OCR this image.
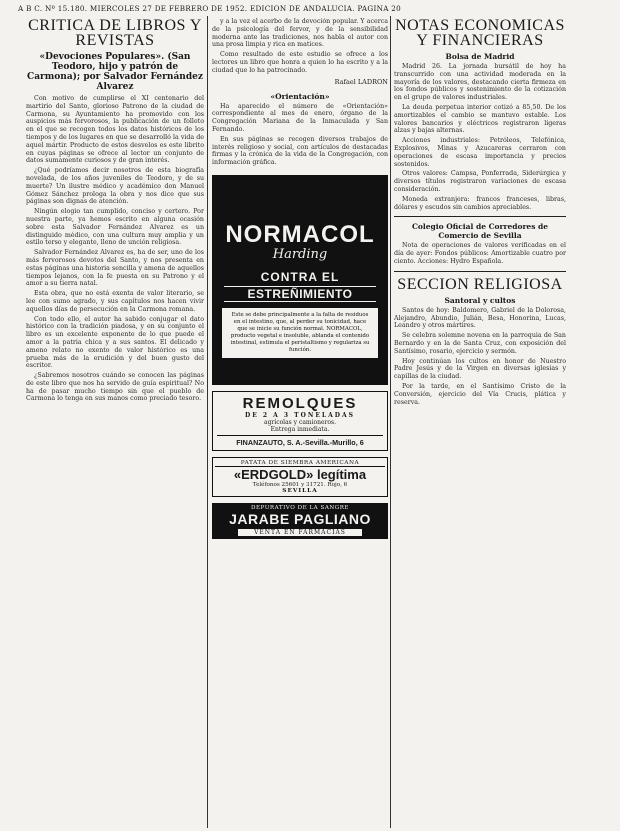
A B C. Nº 15.180. MIERCOLES 27 DE FEBRERO DE 1952. EDICION DE ANDALUCIA. PAGINA 20
CRITICA DE LIBROS Y REVISTAS
«Devociones Populares». (San Teodoro, hijo y patrón de Carmona); por Salvador Fernández Alvarez

Con motivo de cumplirse el XI centenario del martirio del Santo, glorioso Patrono de la ciudad de Carmona, su Ayuntamiento ha promovido con los auspicios más fervorosos, la publicación de un folleto en el que se recogen todos los datos históricos de los tiempos y de los lugares en que se desarrolló la vida de aquel mártir. Producto de estos desvelos es este librito en cuyas páginas se ofrece al lector un conjunto de datos sumamente curiosos y de gran interés.

¿Qué podríamos decir nosotros de esta biografía novelada, de los años juveniles de Teodoro, y de su muerte? Un ilustre médico y académico don Manuel Gómez Sánchez prologa la obra y nos dice que sus páginas son dignas de atención.

Ningún elogio tan cumplido, conciso y certero. Por nuestra parte, ya hemos escrito en alguna ocasión sobre esta Salvador Fernández Alvarez es un distinguido médico, con una cultura muy amplia y un estilo terso y elegante, lleno de unción religiosa.

Salvador Fernández Alvarez es, ha de ser, uno de los más fervorosos devotos del Santo, y nos presenta en estas páginas una historia sencilla y amena de aquellos tiempos lejanos, con la fe puesta en su Patrono y el amor a su tierra natal.

Esta obra, que no está exenta de valor literario, se lee con sumo agrado, y sus capítulos nos hacen vivir aquellos días de persecución en la Carmona romana.

Con todo ello, el autor ha sabido conjugar el dato histórico con la tradición piadosa, y en su conjunto el libro es un excelente exponente de lo que puede el amor a la patria chica y a sus santos. El delicado y ameno relato no exento de valor histórico es una prueba más de la erudición y del buen gusto del escritor.

¿Sabremos nosotros cuándo se conocen las páginas de este libro que nos ha servido de guía espiritual? No ha de pasar mucho tiempo sin que el pueblo de Carmona lo tenga en sus manos como preciado tesoro.

y a la vez el acerbo de la devoción popular. Y acerca de la psicología del fervor, y de la sensibilidad moderna ante las tradiciones, nos habla el autor con una prosa limpia y rica en matices.

Como resultado de este estudio se ofrece a los lectores un libro que honra a quien lo ha escrito y a la ciudad que lo ha patrocinado.

Rafael LADRON
«Orientación»

Ha aparecido el número de «Orientación» correspondiente al mes de enero, órgano de la Congregación Mariana de la Inmaculada y San Fernando.

En sus páginas se recogen diversos trabajos de interés religioso y social, con artículos de destacadas firmas y la crónica de la vida de la Congregación, con información gráfica.

NORMACOL
Harding
CONTRA EL
ESTREÑIMIENTO
Este se debe principalmente a la falta de residuos en el intestino, que, al perder su tonicidad, hace que se inicie su función normal. NORMACOL, producto vegetal e insoluble, ablanda el contenido intestinal, estimula el peristaltismo y regulariza su función.
REMOLQUES
DE 2 A 3 TONELADAS
agrícolas y camioneros.
Entrega inmediata.
FINANZAUTO, S. A.-Sevilla.-Murillo, 6
PATATA DE SIEMBRA AMERICANA
«ERDGOLD» legítima
Teléfonos 25601 y 31721. Rojo, 6
SEVILLA
DEPURATIVO DE LA SANGRE
JARABE PAGLIANO
VENTA EN FARMACIAS
NOTAS ECONOMICAS Y FINANCIERAS
Bolsa de Madrid

Madrid 26. La jornada bursátil de hoy ha transcurrido con una actividad moderada en la mayoría de los valores, destacando cierta firmeza en los fondos públicos y sostenimiento de la cotización en el grupo de valores industriales.

La deuda perpetua interior cotizó a 85,50. De los amortizables el cambio se mantuvo estable. Los valores bancarios y eléctricos registraron ligeras alzas y bajas alternas.

Acciones industriales: Petróleos, Telefónica, Explosivos, Minas y Azucareras cerraron con operaciones de escasa importancia y precios sostenidos.

Otros valores: Campsa, Ponferrada, Siderúrgica y diversos títulos registraron variaciones de escasa consideración.

Moneda extranjera: francos franceses, libras, dólares y escudos sin cambios apreciables.

Colegio Oficial de Corredores de Comercio de Sevilla

Nota de operaciones de valores verificadas en el día de ayer: Fondos públicos: Amortizable cuatro por ciento. Acciones: Hydro Española.

SECCION RELIGIOSA
Santoral y cultos

Santos de hoy: Baldomero, Gabriel de la Dolorosa, Alejandro, Abundio, Julián, Besa, Honorina, Lucas, Leandro y otros mártires.

Se celebra solemne novena en la parroquia de San Bernardo y en la de Santa Cruz, con exposición del Santísimo, rosario, ejercicio y sermón.

Hoy continúan los cultos en honor de Nuestro Padre Jesús y de la Virgen en diversas iglesias y capillas de la ciudad.

Por la tarde, en el Santísimo Cristo de la Conversión, ejercicio del Vía Crucis, plática y reserva.
